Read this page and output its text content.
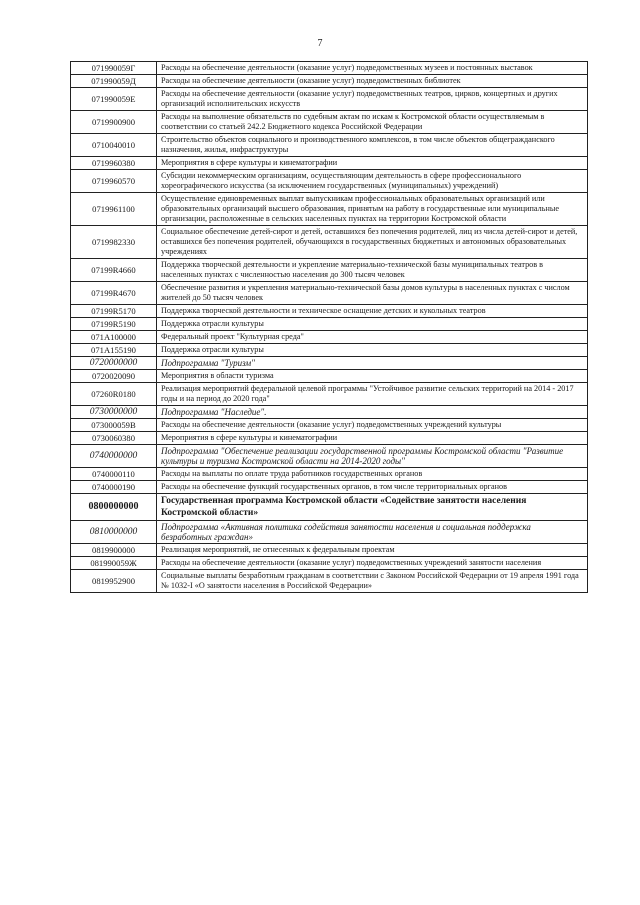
7
071990059Г	Расходы на обеспечение деятельности (оказание услуг) подведомственных музеев и постоянных выставок
071990059Д	Расходы на обеспечение деятельности (оказание услуг) подведомственных библиотек
071990059Е	Расходы на обеспечение деятельности (оказание услуг) подведомственных театров, цирков, концертных и других организаций исполнительских искусств
0719900900	Расходы на выполнение обязательств по судебным актам по искам к Костромской области осуществляемым в соответствии со статьей 242.2 Бюджетного кодекса Российской Федерации
0710040010	Строительство объектов социального и производственного комплексов, в том числе объектов общегражданского назначения, жилья, инфраструктуры
0719960380	Мероприятия в сфере культуры и кинематографии
0719960570	Субсидии некоммерческим организациям, осуществляющим деятельность в сфере профессионального хореографического искусства (за исключением государственных (муниципальных) учреждений)
0719961100	Осуществление единовременных выплат выпускникам профессиональных образовательных организаций или образовательных организаций высшего образования, принятым на работу в государственные или муниципальные организации, расположенные в сельских населенных пунктах на территории Костромской области
0719982330	Социальное обеспечение детей-сирот и детей, оставшихся без попечения родителей, лиц из числа детей-сирот и детей, оставшихся без попечения родителей, обучающихся в государственных бюджетных и автономных образовательных учреждениях
07199R4660	Поддержка творческой деятельности и укрепление материально-технической базы муниципальных театров в населенных пунктах с численностью населения до 300 тысяч человек
07199R4670	Обеспечение развития и укрепления материально-технической базы домов культуры в населенных пунктах с числом жителей до 50 тысяч человек
07199R5170	Поддержка творческой деятельности и техническое оснащение детских и кукольных театров
07199R5190	Поддержка отрасли культуры
071A100000	Федеральный проект "Культурная среда"
071A155190	Поддержка отрасли культуры
0720000000	Подпрограмма "Туризм"
0720020090	Мероприятия в области туризма
07260R0180	Реализация мероприятий федеральной целевой программы "Устойчивое развитие сельских территорий на 2014 - 2017 годы и на период до 2020 года"
0730000000	Подпрограмма "Наследие".
073000059В	Расходы на обеспечение деятельности (оказание услуг) подведомственных учреждений культуры
0730060380	Мероприятия в сфере культуры и кинематографии
0740000000	Подпрограмма "Обеспечение реализации государственной программы Костромской области "Развитие культуры и туризма Костромской области на 2014-2020 годы"
0740000110	Расходы на выплаты по оплате труда работников государственных органов
0740000190	Расходы на обеспечение функций государственных органов, в том числе территориальных органов
0800000000	Государственная программа Костромской области «Содействие занятости населения Костромской области»
0810000000	Подпрограмма «Активная политика содействия занятости населения и социальная поддержка безработных граждан»
0819900000	Реализация мероприятий, не отнесенных к федеральным проектам
081990059Ж	Расходы на обеспечение деятельности (оказание услуг) подведомственных учреждений занятости населения
0819952900	Социальные выплаты безработным гражданам в соответствии с Законом Российской Федерации от 19 апреля 1991 года № 1032-I «О занятости населения в Российской Федерации»
